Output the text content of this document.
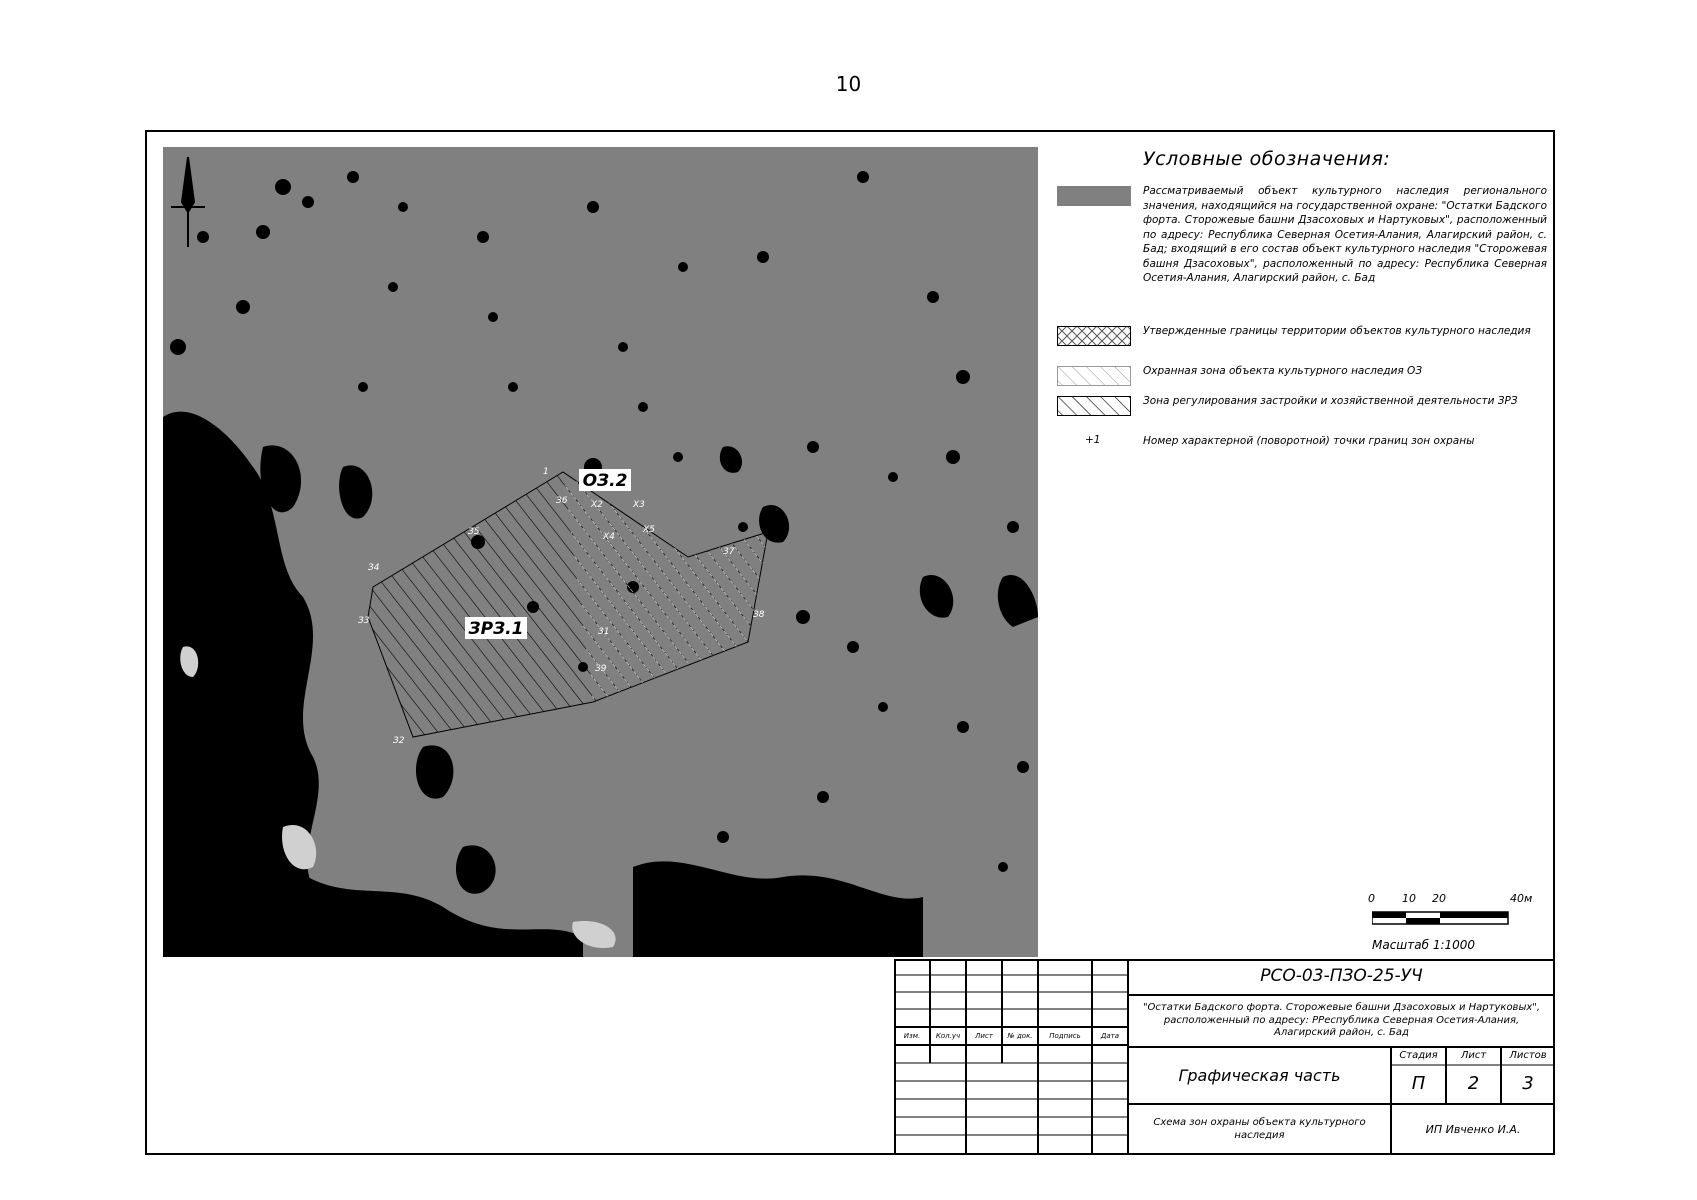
10
З6
З5
З4
З3
З2
З1
З7
З8
З9
Х2	Х3
Х4
Х5
1 ОЗ.2
ЗРЗ.1
Условные обозначения:
Рассматриваемый объект культурного наследия регионального значения, находящийся на государственной охране: "Остатки Бадского форта. Сторожевые башни Дзасоховых и Нартуковых", расположенный по адресу: Республика Северная Осетия-Алания, Алагирский район, с. Бад; входящий в его состав объект культурного наследия "Сторожевая башня Дзасоховых", расположенный по адресу: Республика Северная Осетия-Алания, Алагирский район, с. Бад
Утвержденные границы территории объектов культурного наследия
Охранная зона объекта культурного наследия ОЗ
Зона регулирования застройки и хозяйственной деятельности ЗРЗ
+1	Номер характерной (поворотной) точки границ зон охраны
0 10 20	40м
Масштаб 1:1000
Изм.	Кол.уч	Лист	№ док.	Подпись	Дата
РСО-03-ПЗО-25-УЧ
"Остатки Бадского форта. Сторожевые башни Дзасоховых и Нартуковых", расположенный по адресу: РРеспублика Северная Осетия-Алания, Алагирский район, с. Бад
Графическая часть
Стадия	Лист	Листов
П	2	3
Схема зон охраны объекта культурного наследия	ИП Ивченко И.А.
